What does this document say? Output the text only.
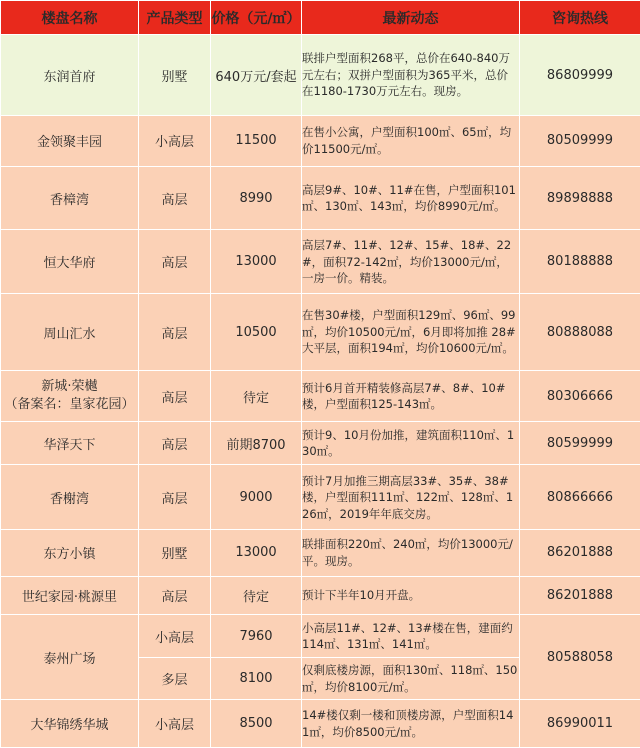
楼盘名称	产品类型	价格（元/㎡）	最新动态	咨询热线
东润首府	别墅	640万元/套起	联排户型面积268平，总价在640-840万元左右；双拼户型面积为365平米，总价在1180-1730万元左右。现房。	86809999
金领聚丰园	小高层	11500	在售小公寓，户型面积100㎡、65㎡，均价11500元/㎡。	80509999
香樟湾	高层	8990	高层9#、10#、11#在售，户型面积101㎡、130㎡、143㎡，均价8990元/㎡。	89898888
恒大华府	高层	13000	高层7#、11#、12#、15#、18#、22#，面积72-142㎡，均价13000元/㎡，一房一价。精装。	80188888
周山汇水	高层	10500	在售30#楼，户型面积129㎡、96㎡、99㎡，均价10500元/㎡，6月即将加推 28#大平层，面积194㎡，均价10600元/㎡。	80888088

新城·荣樾
（备案名：皇家花园）	高层	待定	预计6月首开精装修高层7#、8#、10#楼，户型面积125-143㎡。	80306666
华泽天下	高层	前期8700	预计9、10月份加推，建筑面积110㎡、130㎡。	80599999
香榭湾	高层	9000	预计7月加推三期高层33#、35#、38#楼，户型面积111㎡、122㎡、128㎡、126㎡，2019年年底交房。	80866666
东方小镇	别墅	13000	联排面积220㎡、240㎡，均价13000元/平。现房。	86201888
世纪家园·桃源里	高层	待定	预计下半年10月开盘。	86201888
泰州广场	小高层	7960	小高层11#、12#、13#楼在售，建面约114㎡、131㎡、141㎡。	80588058
	多层	8100	仅剩底楼房源，面积130㎡、118㎡、150㎡，均价8100元/㎡。	
大华锦绣华城	小高层	8500	14#楼仅剩一楼和顶楼房源，户型面积141㎡，均价8500元/㎡。	86990011
